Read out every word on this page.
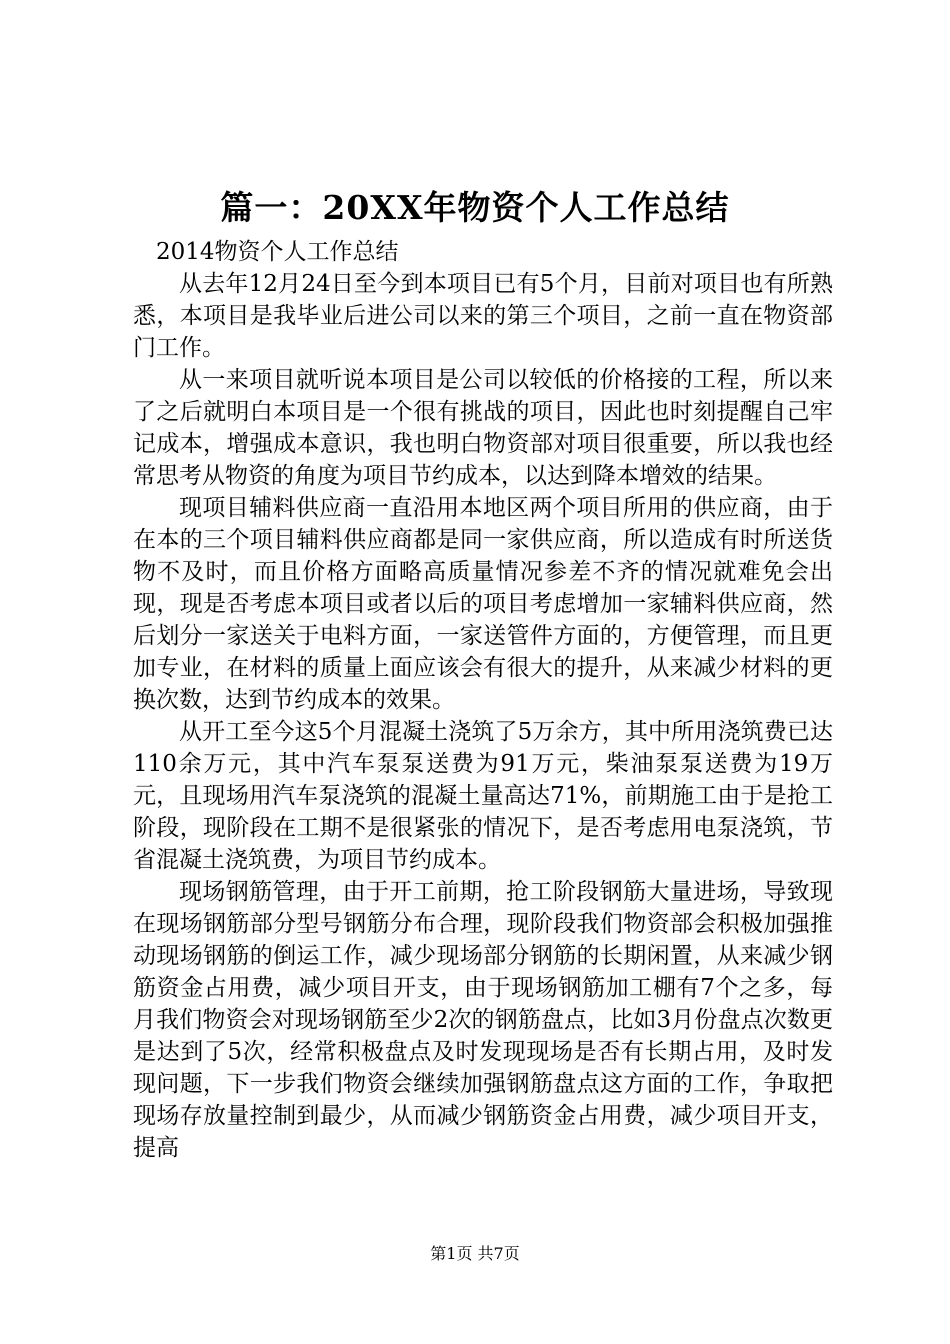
篇一：20XX年物资个人工作总结

2014物资个人工作总结

从去年12月24日至今到本项目已有5个月，目前对项目也有所熟悉，本项目是我毕业后进公司以来的第三个项目，之前一直在物资部门工作。

从一来项目就听说本项目是公司以较低的价格接的工程，所以来了之后就明白本项目是一个很有挑战的项目，因此也时刻提醒自己牢记成本，增强成本意识，我也明白物资部对项目很重要，所以我也经常思考从物资的角度为项目节约成本，以达到降本增效的结果。

现项目辅料供应商一直沿用本地区两个项目所用的供应商，由于在本的三个项目辅料供应商都是同一家供应商，所以造成有时所送货物不及时，而且价格方面略高质量情况参差不齐的情况就难免会出现，现是否考虑本项目或者以后的项目考虑增加一家辅料供应商，然后划分一家送关于电料方面，一家送管件方面的，方便管理，而且更加专业，在材料的质量上面应该会有很大的提升，从来减少材料的更换次数，达到节约成本的效果。

从开工至今这5个月混凝土浇筑了5万余方，其中所用浇筑费已达110余万元，其中汽车泵泵送费为91万元，柴油泵泵送费为19万元，且现场用汽车泵浇筑的混凝土量高达71%，前期施工由于是抢工阶段，现阶段在工期不是很紧张的情况下，是否考虑用电泵浇筑，节省混凝土浇筑费，为项目节约成本。

现场钢筋管理，由于开工前期，抢工阶段钢筋大量进场，导致现在现场钢筋部分型号钢筋分布合理，现阶段我们物资部会积极加强推动现场钢筋的倒运工作，减少现场部分钢筋的长期闲置，从来减少钢筋资金占用费，减少项目开支，由于现场钢筋加工棚有7个之多，每月我们物资会对现场钢筋至少2次的钢筋盘点，比如3月份盘点次数更是达到了5次，经常积极盘点及时发现现场是否有长期占用，及时发现问题，下一步我们物资会继续加强钢筋盘点这方面的工作，争取把现场存放量控制到最少，从而减少钢筋资金占用费，减少项目开支，提高

第1页 共7页
